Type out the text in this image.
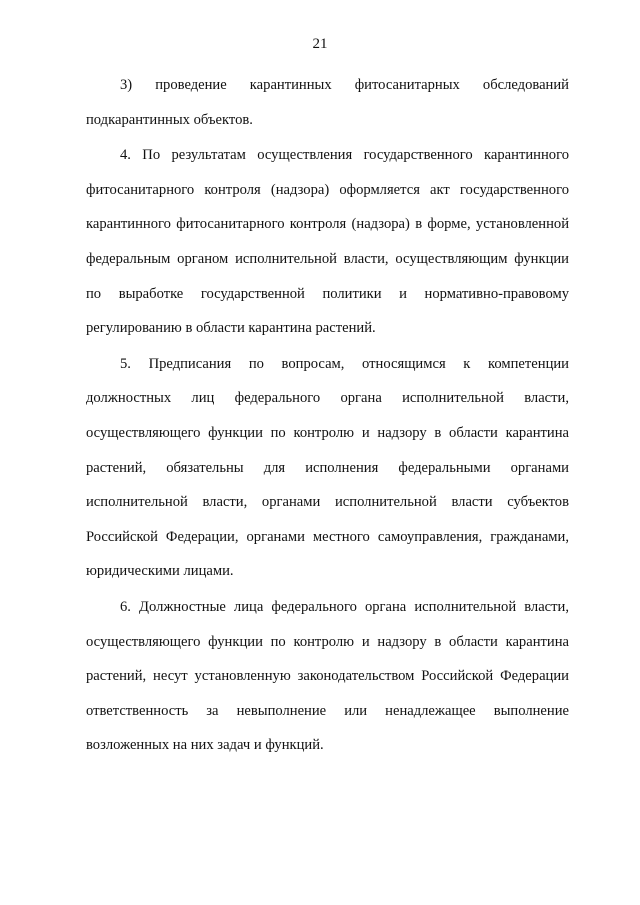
21

3) проведение карантинных фитосанитарных обследований подкарантинных объектов.

4. По результатам осуществления государственного карантинного фитосанитарного контроля (надзора) оформляется акт государственного карантинного фитосанитарного контроля (надзора) в форме, установленной федеральным органом исполнительной власти, осуществляющим функции по выработке государственной политики и нормативно-правовому регулированию в области карантина растений.

5. Предписания по вопросам, относящимся к компетенции должностных лиц федерального органа исполнительной власти, осуществляющего функции по контролю и надзору в области карантина растений, обязательны для исполнения федеральными органами исполнительной власти, органами исполнительной власти субъектов Российской Федерации, органами местного самоуправления, гражданами, юридическими лицами.

6. Должностные лица федерального органа исполнительной власти, осуществляющего функции по контролю и надзору в области карантина растений, несут установленную законодательством Российской Федерации ответственность за невыполнение или ненадлежащее выполнение возложенных на них задач и функций.
